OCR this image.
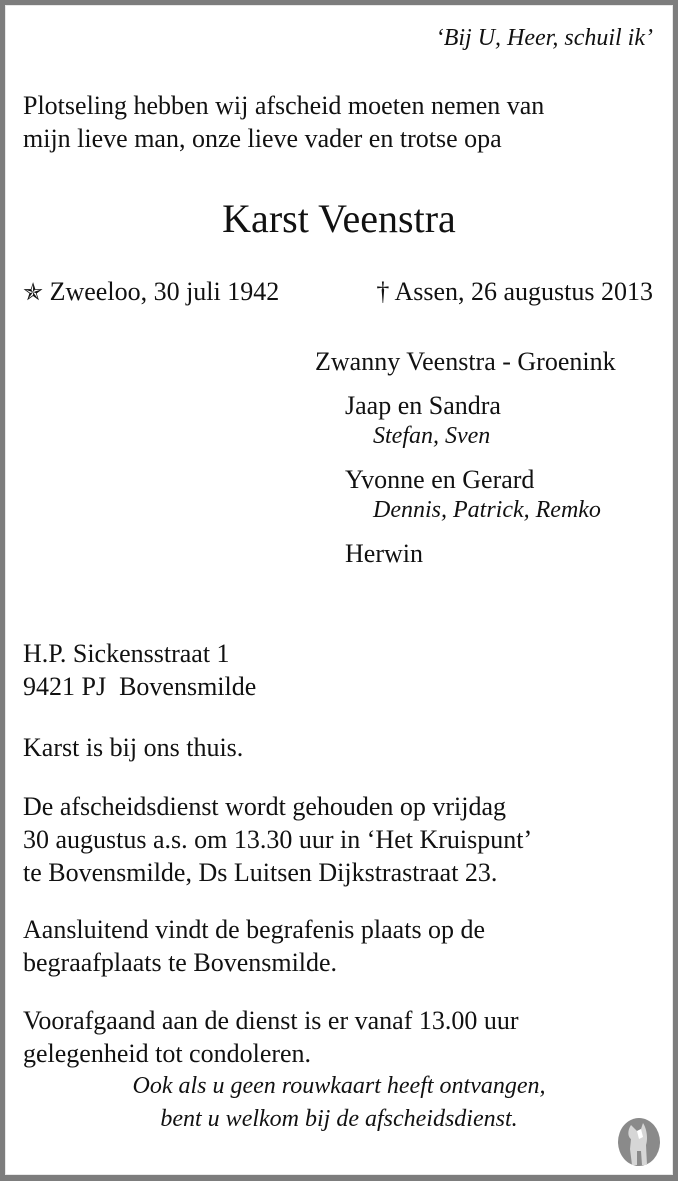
‘Bij U, Heer, schuil ik’
Plotseling hebben wij afscheid moeten nemen van
mijn lieve man, onze lieve vader en trotse opa
Karst Veenstra
✯ Zweeloo, 30 juli 1942	† Assen, 26 augustus 2013
Zwanny Veenstra - Groenink
Jaap en Sandra
Stefan, Sven
Yvonne en Gerard
Dennis, Patrick, Remko
Herwin
H.P. Sickensstraat 1
9421 PJ  Bovensmilde
Karst is bij ons thuis.
De afscheidsdienst wordt gehouden op vrijdag
30 augustus a.s. om 13.30 uur in ‘Het Kruispunt’
te Bovensmilde, Ds Luitsen Dijkstrastraat 23.
Aansluitend vindt de begrafenis plaats op de
begraafplaats te Bovensmilde.
Voorafgaand aan de dienst is er vanaf 13.00 uur
gelegenheid tot condoleren.
Ook als u geen rouwkaart heeft ontvangen,
bent u welkom bij de afscheidsdienst.
